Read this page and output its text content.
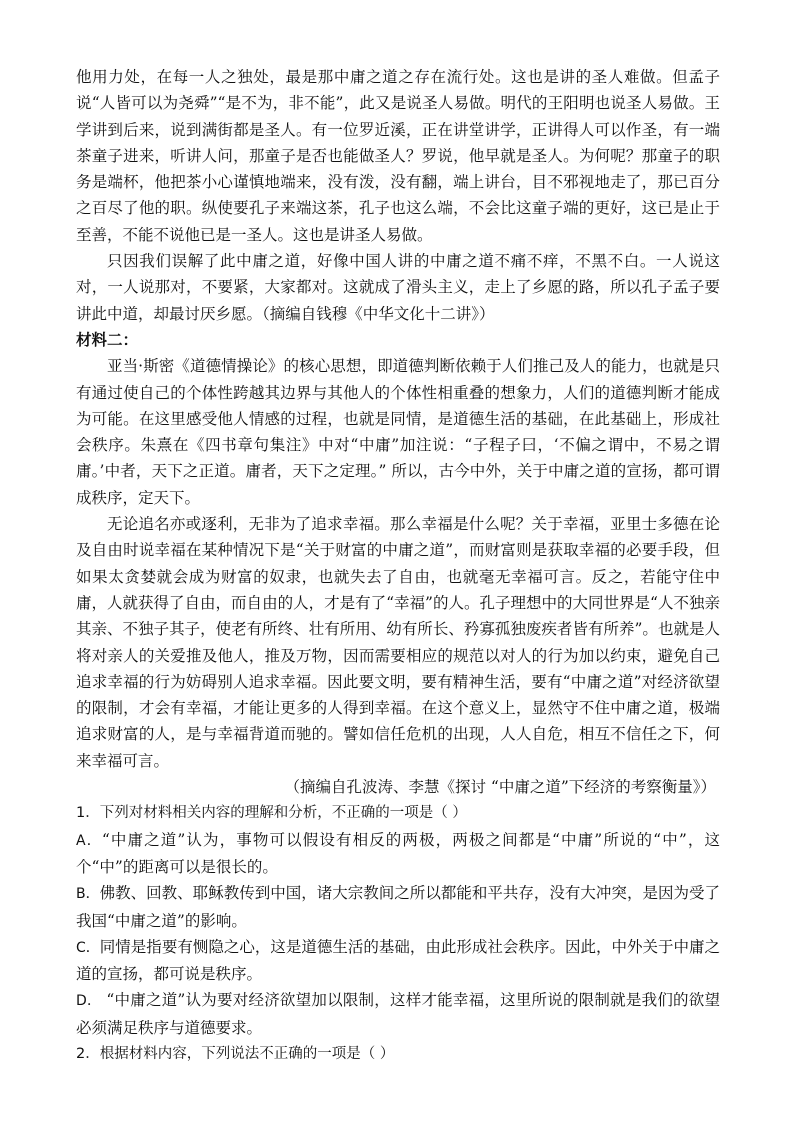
他用力处，在每一人之独处，最是那中庸之道之存在流行处。这也是讲的圣人难做。但孟子说“人皆可以为尧舜”“是不为，非不能”，此又是说圣人易做。明代的王阳明也说圣人易做。王学讲到后来，说到满街都是圣人。有一位罗近溪，正在讲堂讲学，正讲得人可以作圣，有一端茶童子进来，听讲人问，那童子是否也能做圣人？罗说，他早就是圣人。为何呢？那童子的职务是端杯，他把茶小心谨慎地端来，没有泼，没有翻，端上讲台，目不邪视地走了，那已百分之百尽了他的职。纵使要孔子来端这茶，孔子也这么端，不会比这童子端的更好，这已是止于至善，不能不说他已是一圣人。这也是讲圣人易做。

只因我们误解了此中庸之道，好像中国人讲的中庸之道不痛不痒，不黑不白。一人说这对，一人说那对，不要紧，大家都对。这就成了滑头主义，走上了乡愿的路，所以孔子孟子要讲此中道，却最讨厌乡愿。（摘编自钱穆《中华文化十二讲》）

材料二：

亚当·斯密《道德情操论》的核心思想，即道德判断依赖于人们推己及人的能力，也就是只有通过使自己的个体性跨越其边界与其他人的个体性相重叠的想象力，人们的道德判断才能成为可能。在这里感受他人情感的过程，也就是同情，是道德生活的基础，在此基础上，形成社会秩序。朱熹在《四书章句集注》中对“中庸”加注说：“子程子曰，‘不偏之谓中，不易之谓庸。’中者，天下之正道。庸者，天下之定理。” 所以，古今中外，关于中庸之道的宣扬，都可谓成秩序，定天下。

无论追名亦或逐利，无非为了追求幸福。那么幸福是什么呢？关于幸福，亚里士多德在论及自由时说幸福在某种情况下是“关于财富的中庸之道”，而财富则是获取幸福的必要手段，但如果太贪婪就会成为财富的奴隶，也就失去了自由，也就毫无幸福可言。反之，若能守住中庸，人就获得了自由，而自由的人，才是有了“幸福”的人。孔子理想中的大同世界是“人不独亲其亲、不独子其子，使老有所终、壮有所用、幼有所长、矜寡孤独废疾者皆有所养”。也就是人将对亲人的关爱推及他人，推及万物，因而需要相应的规范以对人的行为加以约束，避免自己追求幸福的行为妨碍别人追求幸福。因此要文明，要有精神生活，要有“中庸之道”对经济欲望的限制，才会有幸福，才能让更多的人得到幸福。在这个意义上，显然守不住中庸之道，极端追求财富的人，是与幸福背道而驰的。譬如信任危机的出现，人人自危，相互不信任之下，何来幸福可言。

（摘编自孔波涛、李慧《探讨 “中庸之道”下经济的考察衡量》）

1．下列对材料相关内容的理解和分析，不正确的一项是（ ）

A．“中庸之道”认为，事物可以假设有相反的两极，两极之间都是“中庸”所说的“中”，这个“中”的距离可以是很长的。

B．佛教、回教、耶稣教传到中国，诸大宗教间之所以都能和平共存，没有大冲突，是因为受了我国“中庸之道”的影响。

C．同情是指要有恻隐之心，这是道德生活的基础，由此形成社会秩序。因此，中外关于中庸之道的宣扬，都可说是秩序。

D． “中庸之道”认为要对经济欲望加以限制，这样才能幸福，这里所说的限制就是我们的欲望必须满足秩序与道德要求。

2．根据材料内容，下列说法不正确的一项是（ ）
